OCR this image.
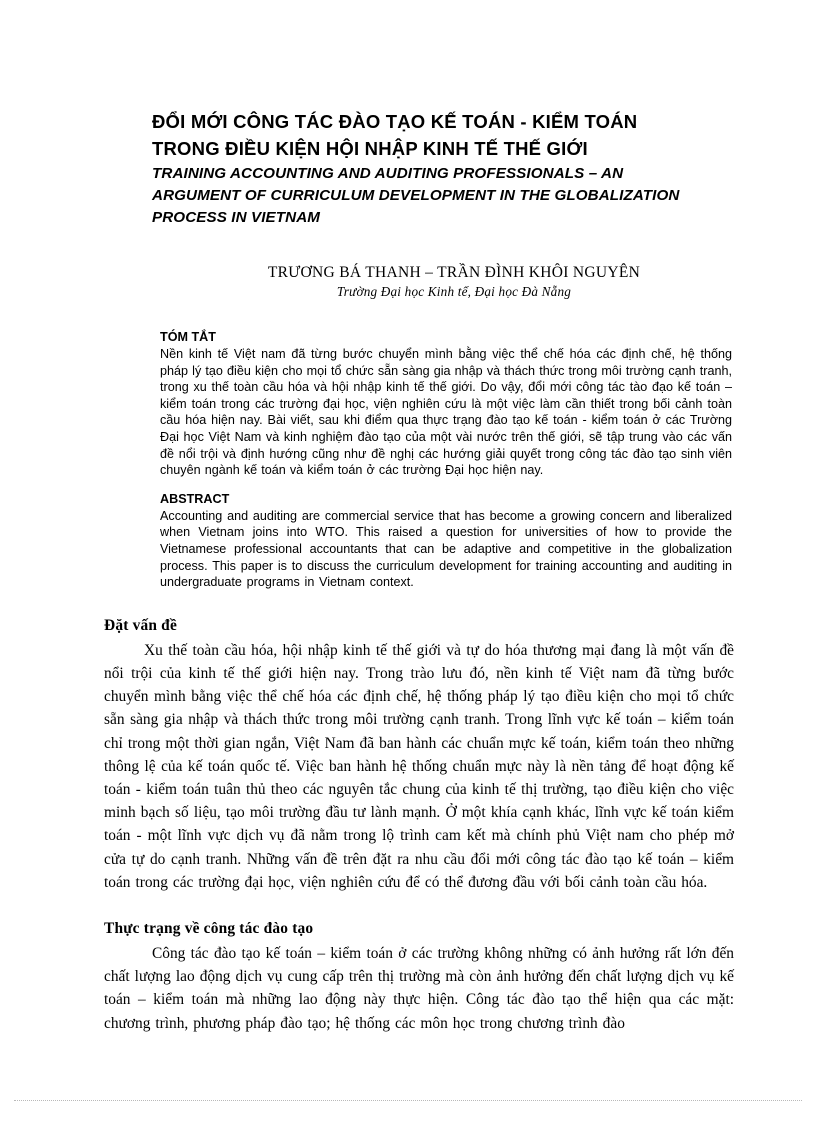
ĐỔI MỚI CÔNG TÁC ĐÀO TẠO KẾ TOÁN - KIỂM TOÁN
TRONG ĐIỀU KIỆN HỘI NHẬP KINH TẾ THẾ GIỚI
TRAINING ACCOUNTING AND AUDITING PROFESSIONALS – AN
ARGUMENT OF CURRICULUM DEVELOPMENT IN THE GLOBALIZATION
PROCESS IN VIETNAM
TRƯƠNG BÁ THANH – TRẦN ĐÌNH KHÔI NGUYÊN
Trường Đại học Kinh tế, Đại học Đà Nẵng
TÓM TẮT
Nền kinh tế Việt nam đã từng bước chuyển mình bằng việc thể chế hóa các định chế, hệ thống pháp lý tạo điều kiện cho mọi tổ chức sẵn sàng gia nhập và thách thức trong môi trường cạnh tranh, trong xu thế toàn cầu hóa và hội nhập kinh tế thế giới. Do vậy, đổi mới công tác tào đạo kế toán – kiểm toán trong các trường đại học, viện nghiên cứu là một việc làm cần thiết trong bối cảnh toàn cầu hóa hiện nay. Bài viết, sau khi điểm qua thực trạng đào tạo kế toán - kiểm toán ở các Trường Đại học Việt Nam và kinh nghiệm đào tạo của một vài nước trên thế giới, sẽ tập trung vào các vấn đề nổi trội và định hướng cũng như đề nghị các hướng giải quyết trong công tác đào tạo sinh viên chuyên ngành kế toán và kiểm toán ở các trường Đại học hiện nay.
ABSTRACT
Accounting and auditing are commercial service that has become a growing concern and liberalized when Vietnam joins into WTO. This raised a question for universities of how to provide the Vietnamese professional accountants that can be adaptive and competitive in the globalization process. This paper is to discuss the curriculum development for training accounting and auditing in undergraduate programs in Vietnam context.
Đặt vấn đề
Xu thế toàn cầu hóa, hội nhập kinh tế thế giới và tự do hóa thương mại đang là một vấn đề nổi trội của kinh tế thế giới hiện nay. Trong trào lưu đó, nền kinh tế Việt nam đã từng bước chuyển mình bằng việc thể chế hóa các định chế, hệ thống pháp lý tạo điều kiện cho mọi tổ chức sẵn sàng gia nhập và thách thức trong môi trường cạnh tranh. Trong lĩnh vực kế toán – kiểm toán chỉ trong một thời gian ngắn, Việt Nam đã ban hành các chuẩn mực kế toán, kiểm toán theo những thông lệ của kế toán quốc tế. Việc ban hành hệ thống chuẩn mực này là nền tảng để hoạt động kế toán - kiểm toán tuân thủ theo các nguyên tắc chung của kinh tế thị trường, tạo điều kiện cho việc minh bạch số liệu, tạo môi trường đầu tư lành mạnh. Ở một khía cạnh khác, lĩnh vực kế toán kiểm toán - một lĩnh vực dịch vụ đã nằm trong lộ trình cam kết mà chính phủ Việt nam cho phép mở cửa tự do cạnh tranh. Những vấn đề trên đặt ra nhu cầu đổi mới công tác đào tạo kế toán – kiểm toán trong các trường đại học, viện nghiên cứu để có thể đương đầu với bối cảnh toàn cầu hóa.
Thực trạng về công tác đào tạo
Công tác đào tạo kế toán – kiểm toán ở các trường không những có ảnh hưởng rất lớn đến chất lượng lao động dịch vụ cung cấp trên thị trường mà còn ảnh hưởng đến chất lượng dịch vụ kế toán – kiểm toán mà những lao động này thực hiện. Công tác đào tạo thể hiện qua các mặt: chương trình, phương pháp đào tạo; hệ thống các môn học trong chương trình đào
